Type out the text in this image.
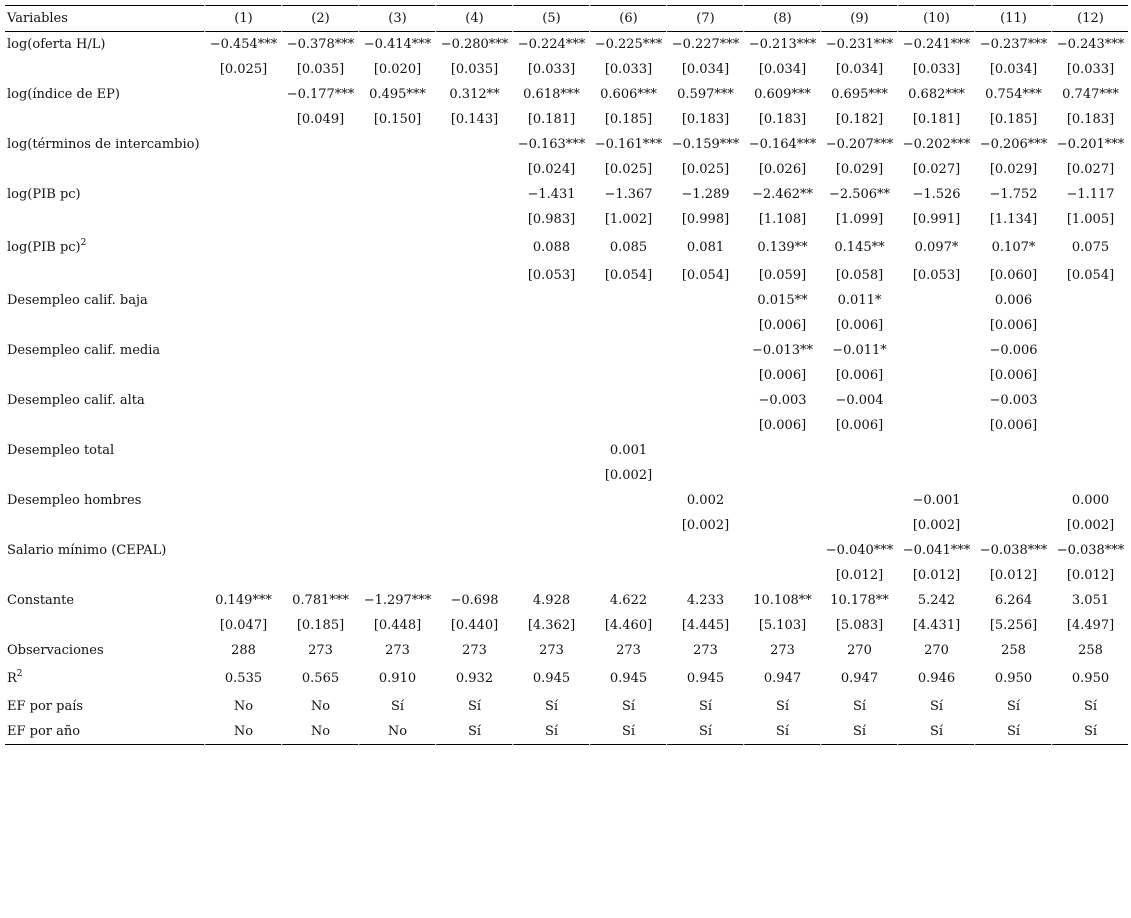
Variables	(1)	(2)	(3)	(4)	(5)	(6)	(7)	(8)	(9)	(10)	(11)	(12)
log(oferta H/L)	−0.454***	−0.378***	−0.414***	−0.280***	−0.224***	−0.225***	−0.227***	−0.213***	−0.231***	−0.241***	−0.237***	−0.243***
	[0.025]	[0.035]	[0.020]	[0.035]	[0.033]	[0.033]	[0.034]	[0.034]	[0.034]	[0.033]	[0.034]	[0.033]
log(índice de EP)		−0.177***	0.495***	0.312**	0.618***	0.606***	0.597***	0.609***	0.695***	0.682***	0.754***	0.747***
		[0.049]	[0.150]	[0.143]	[0.181]	[0.185]	[0.183]	[0.183]	[0.182]	[0.181]	[0.185]	[0.183]
log(términos de intercambio)					−0.163***	−0.161***	−0.159***	−0.164***	−0.207***	−0.202***	−0.206***	−0.201***
					[0.024]	[0.025]	[0.025]	[0.026]	[0.029]	[0.027]	[0.029]	[0.027]
log(PIB pc)					−1.431	−1.367	−1.289	−2.462**	−2.506**	−1.526	−1.752	−1.117
					[0.983]	[1.002]	[0.998]	[1.108]	[1.099]	[0.991]	[1.134]	[1.005]
log(PIB pc)$^2$					0.088	0.085	0.081	0.139**	0.145**	0.097*	0.107*	0.075
					[0.053]	[0.054]	[0.054]	[0.059]	[0.058]	[0.053]	[0.060]	[0.054]
Desempleo calif. baja								0.015**	0.011*		0.006	
								[0.006]	[0.006]		[0.006]	
Desempleo calif. media								−0.013**	−0.011*		−0.006	
								[0.006]	[0.006]		[0.006]	
Desempleo calif. alta								−0.003	−0.004		−0.003	
								[0.006]	[0.006]		[0.006]	
Desempleo total						0.001						
						[0.002]						
Desempleo hombres							0.002			−0.001		0.000
							[0.002]			[0.002]		[0.002]
Salario mínimo (CEPAL)									−0.040***	−0.041***	−0.038***	−0.038***
									[0.012]	[0.012]	[0.012]	[0.012]
Constante	0.149***	0.781***	−1.297***	−0.698	4.928	4.622	4.233	10.108**	10.178**	5.242	6.264	3.051
	[0.047]	[0.185]	[0.448]	[0.440]	[4.362]	[4.460]	[4.445]	[5.103]	[5.083]	[4.431]	[5.256]	[4.497]
Observaciones	288	273	273	273	273	273	273	273	270	270	258	258
$R^2$	0.535	0.565	0.910	0.932	0.945	0.945	0.945	0.947	0.947	0.946	0.950	0.950
EF por país	No	No	Sí	Sí	Sí	Sí	Sí	Sí	Sí	Sí	Sí	Sí
EF por año	No	No	No	Sí	Sí	Sí	Sí	Sí	Sí	Sí	Sí	Sí
